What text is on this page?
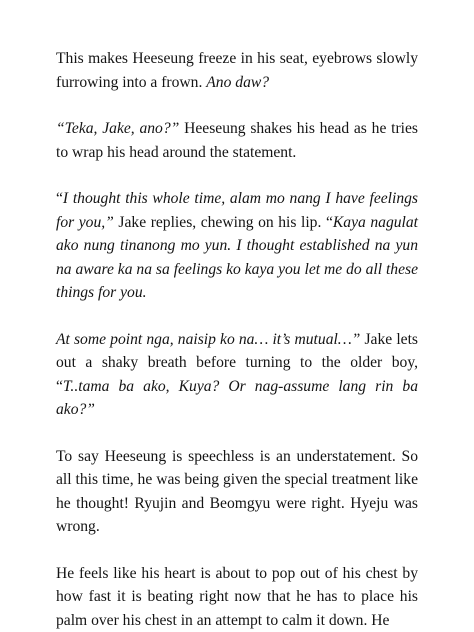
This makes Heeseung freeze in his seat, eyebrows slowly furrowing into a frown. Ano daw?

“Teka, Jake, ano?” Heeseung shakes his head as he tries to wrap his head around the statement.

“I thought this whole time, alam mo nang I have feelings for you,” Jake replies, chewing on his lip. “Kaya nagulat ako nung tinanong mo yun. I thought established na yun na aware ka na sa feelings ko kaya you let me do all these things for you.

At some point nga, naisip ko na… it’s mutual…” Jake lets out a shaky breath before turning to the older boy, “T..tama ba ako, Kuya? Or nag-assume lang rin ba ako?”

To say Heeseung is speechless is an understatement. So all this time, he was being given the special treatment like he thought! Ryujin and Beomgyu were right. Hyeju was wrong.

He feels like his heart is about to pop out of his chest by how fast it is beating right now that he has to place his palm over his chest in an attempt to calm it down. He
